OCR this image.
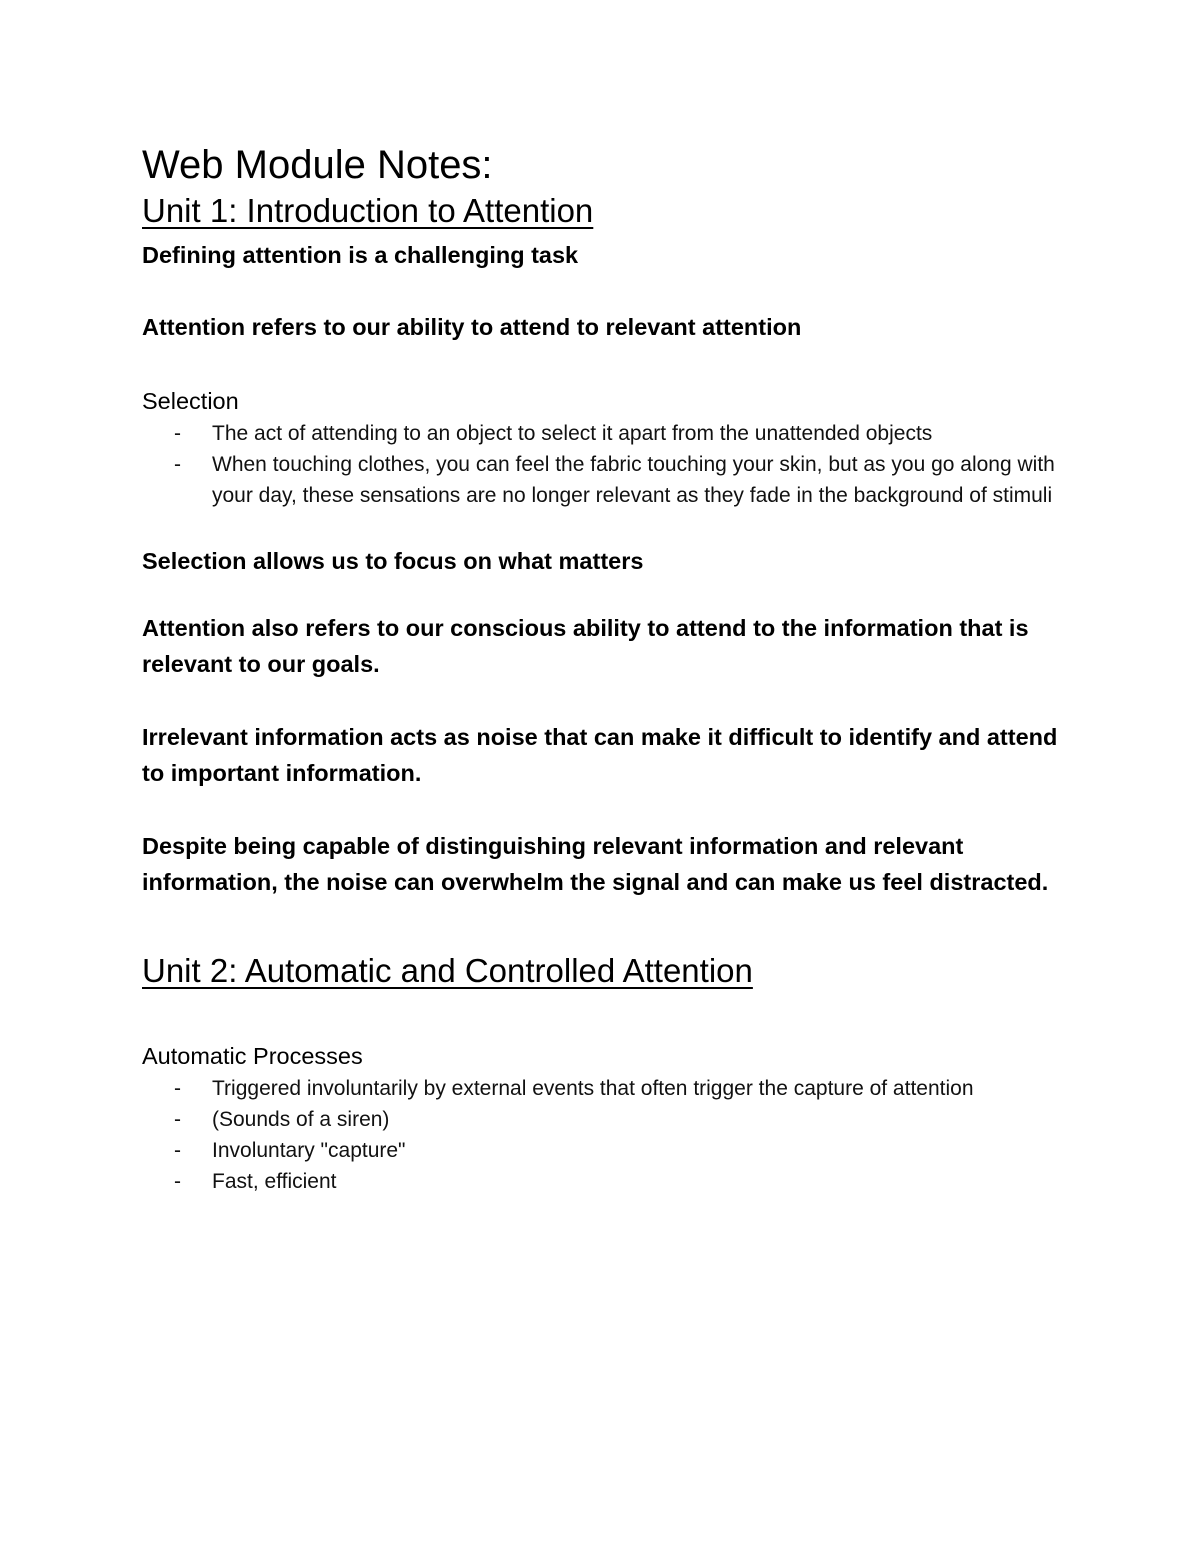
Web Module Notes:
Unit 1: Introduction to Attention

Defining attention is a challenging task

Attention refers to our ability to attend to relevant attention

Selection

- The act of attending to an object to select it apart from the unattended objects
- When touching clothes, you can feel the fabric touching your skin, but as you go along with your day, these sensations are no longer relevant as they fade in the background of stimuli

Selection allows us to focus on what matters

Attention also refers to our conscious ability to attend to the information that is relevant to our goals.

Irrelevant information acts as noise that can make it difficult to identify and attend to important information.

Despite being capable of distinguishing relevant information and relevant information, the noise can overwhelm the signal and can make us feel distracted.

Unit 2: Automatic and Controlled Attention

Automatic Processes

- Triggered involuntarily by external events that often trigger the capture of attention
- (Sounds of a siren)
- Involuntary "capture"
- Fast, efficient
